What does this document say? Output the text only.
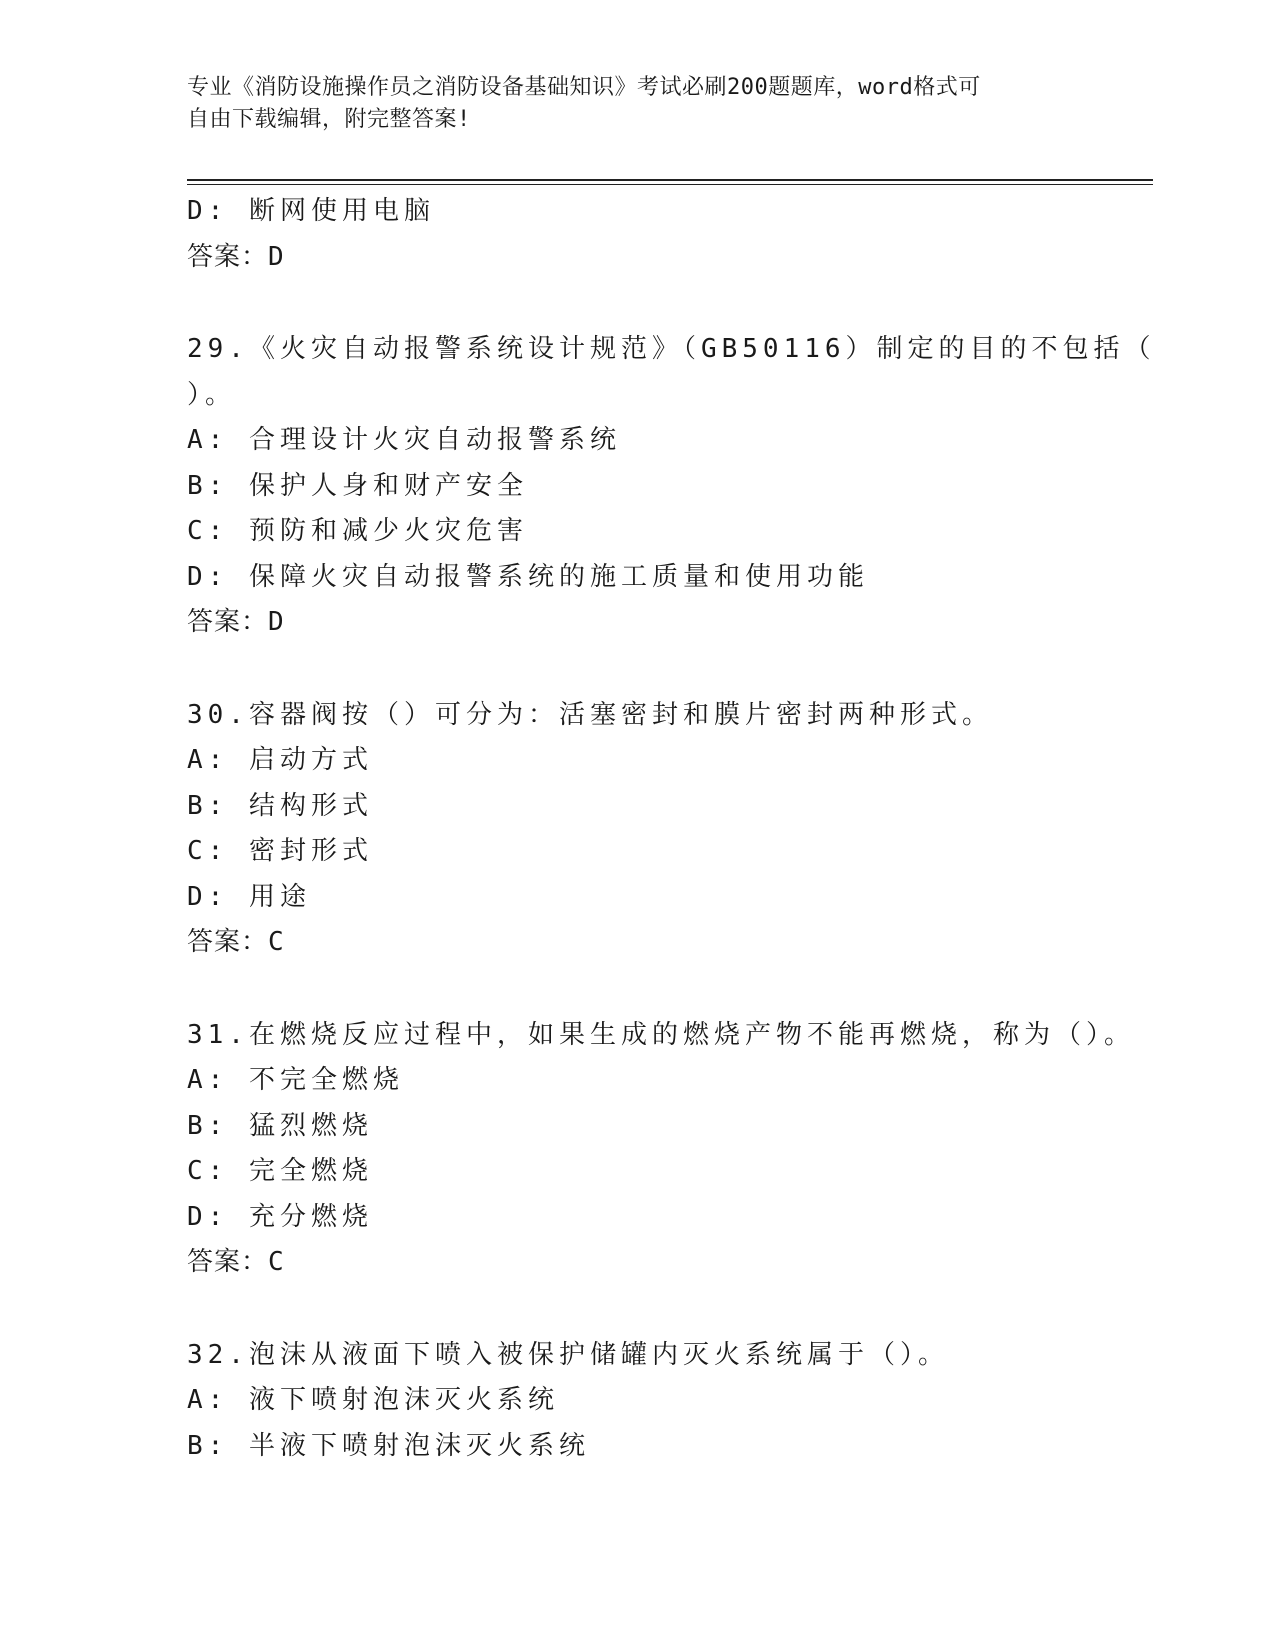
专业《消防设施操作员之消防设备基础知识》考试必刷200题题库，word格式可
自由下载编辑，附完整答案!
D: 断网使用电脑
答案：D
29.《火灾自动报警系统设计规范》（GB50116）制定的目的不包括（
）。
A: 合理设计火灾自动报警系统
B: 保护人身和财产安全
C: 预防和减少火灾危害
D: 保障火灾自动报警系统的施工质量和使用功能
答案：D
30.容器阀按（）可分为：活塞密封和膜片密封两种形式。
A: 启动方式
B: 结构形式
C: 密封形式
D: 用途
答案：C
31.在燃烧反应过程中，如果生成的燃烧产物不能再燃烧，称为（）。
A: 不完全燃烧
B: 猛烈燃烧
C: 完全燃烧
D: 充分燃烧
答案：C
32.泡沫从液面下喷入被保护储罐内灭火系统属于（）。
A: 液下喷射泡沫灭火系统
B: 半液下喷射泡沫灭火系统
